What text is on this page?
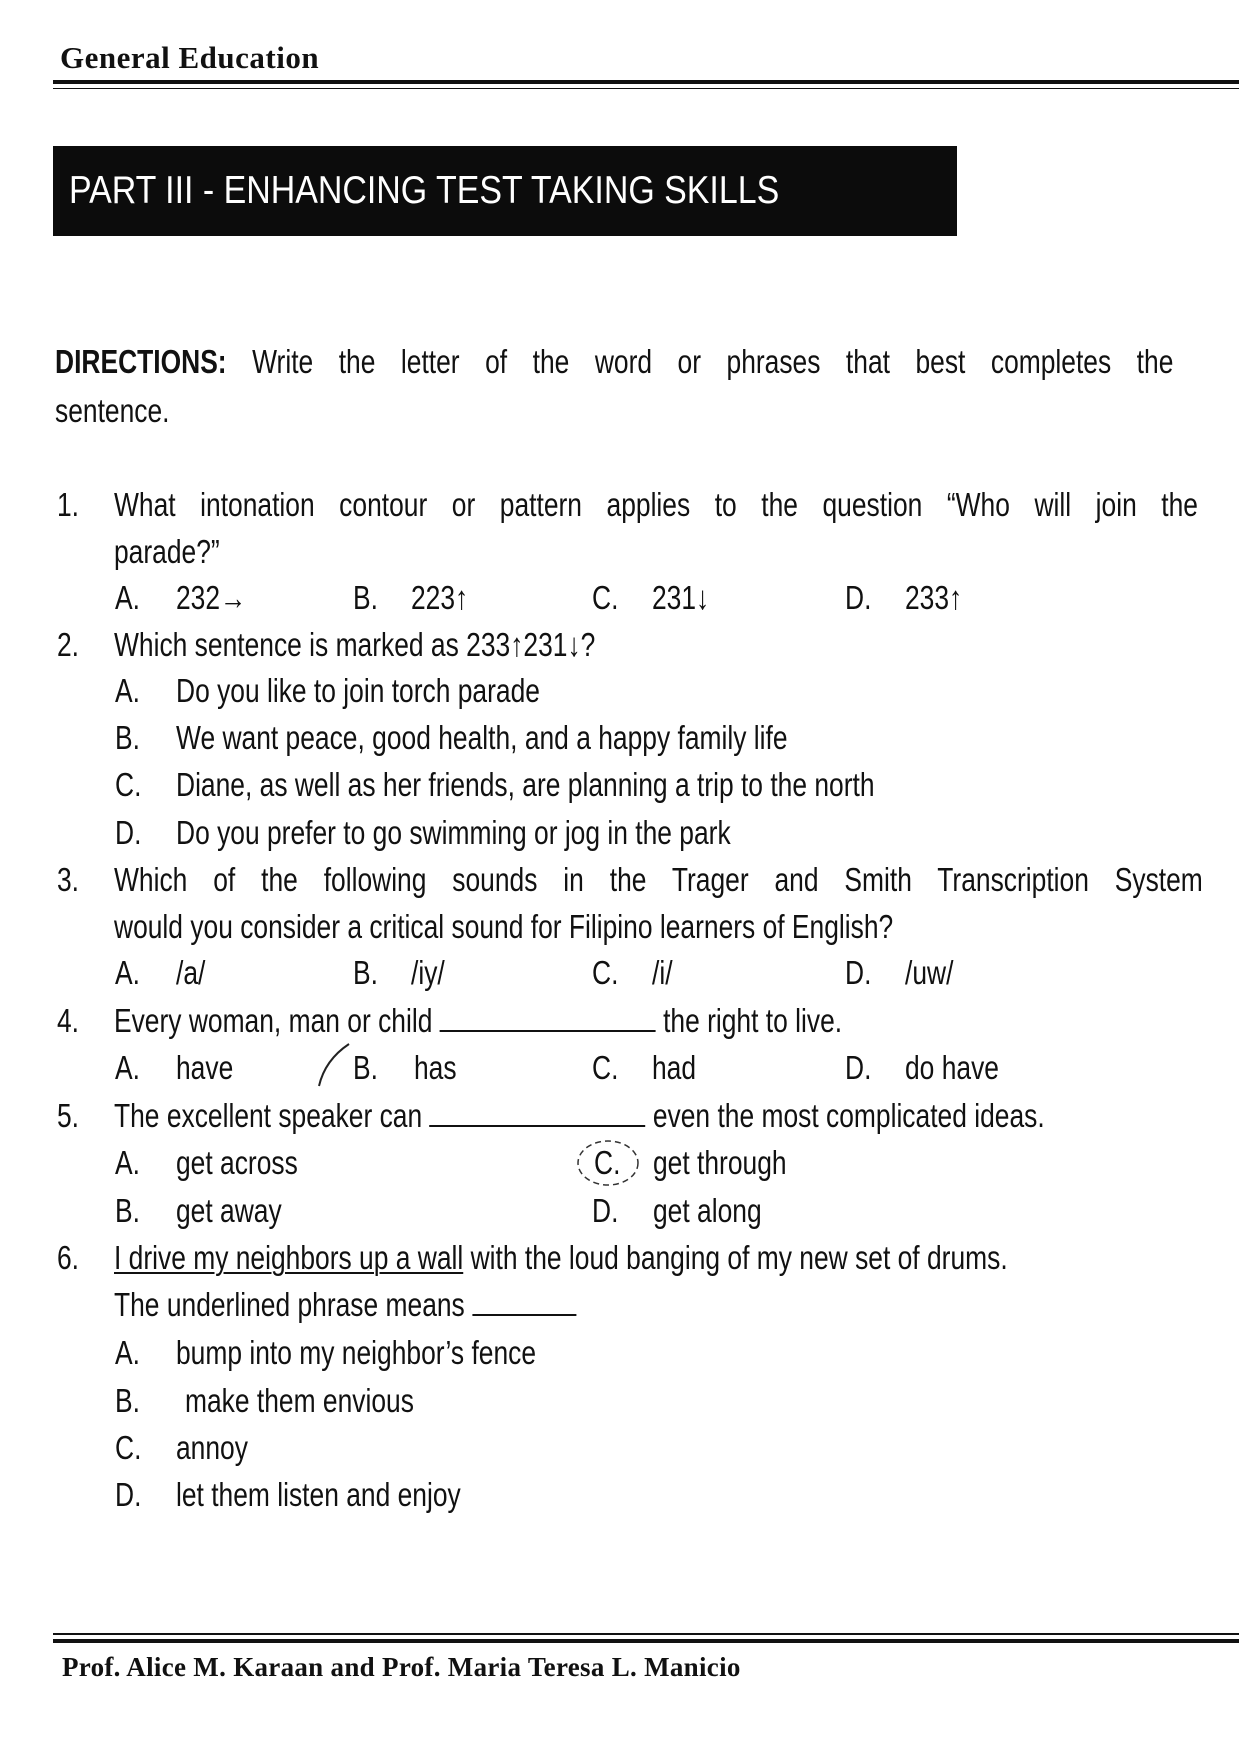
General Education
PART III - ENHANCING TEST TAKING SKILLS
DIRECTIONS: Write the letter of the word or phrases that best completes the
sentence.
1. What intonation contour or pattern applies to the question “Who will join the
parade?”
A. 232→	B. 223↑	C. 231↓	D. 233↑
2. Which sentence is marked as 233↑231↓?
A. Do you like to join torch parade
B. We want peace, good health, and a happy family life
C. Diane, as well as her friends, are planning a trip to the north
D. Do you prefer to go swimming or jog in the park
3. Which of the following sounds in the Trager and Smith Transcription System
would you consider a critical sound for Filipino learners of English?
A. /a/	B. /iy/	C. /i/	D. /uw/
4. Every woman, man or child	the right to live.
A. have	B. has	C. had	D. do have
5. The excellent speaker can	even the most complicated ideas.
A. get across
B. get away
C. get through
D. get along
6. I drive my neighbors up a wall with the loud banging of my new set of drums.
The underlined phrase means
A. bump into my neighbor’s fence
B. make them envious
C. annoy
D. let them listen and enjoy
Prof. Alice M. Karaan and Prof. Maria Teresa L. Manicio
